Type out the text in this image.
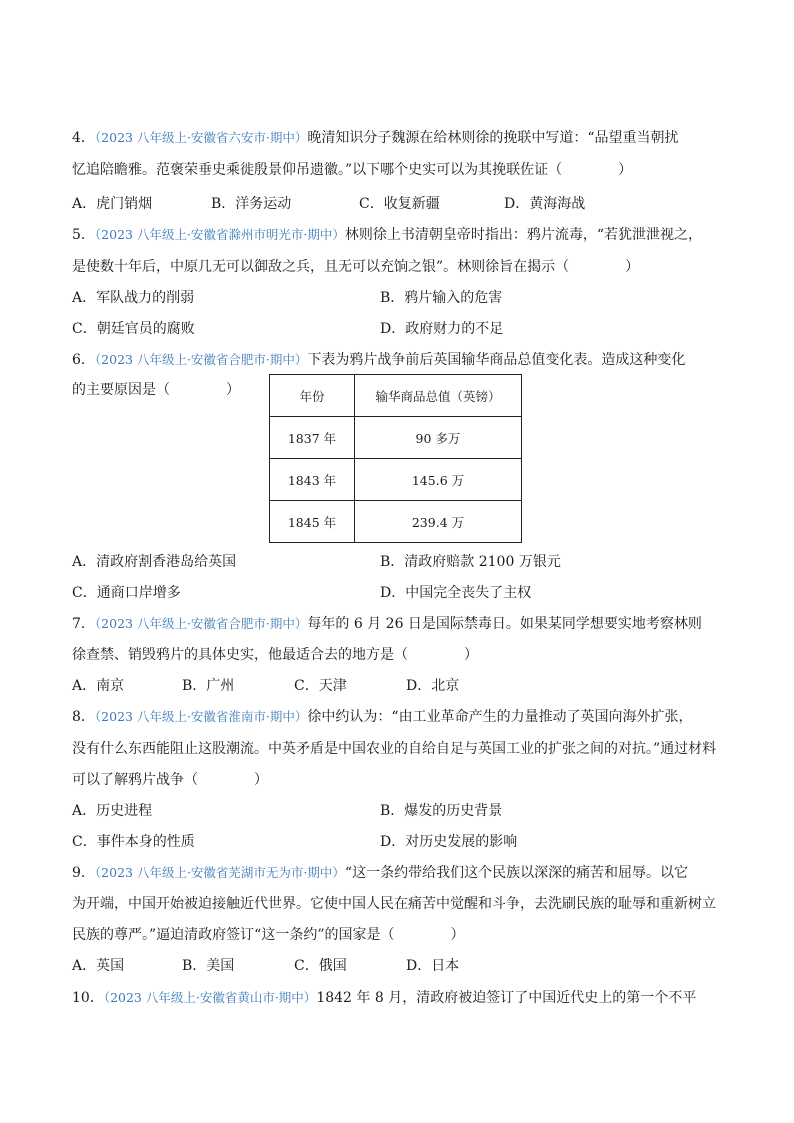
4．（2023 八年级上·安徽省六安市·期中）晚清知识分子魏源在给林则徐的挽联中写道：“品望重当朝扰
忆追陪瞻雅。范褒荣垂史乘徙殷景仰吊遗徽。”以下哪个史实可以为其挽联佐证（　　　　）
A．虎门销烟	B．洋务运动	C．收复新疆	D．黄海海战
5．（2023 八年级上·安徽省滁州市明光市·期中）林则徐上书清朝皇帝时指出：鸦片流毒，“若犹泄泄视之，
是使数十年后，中原几无可以御敌之兵，且无可以充饷之银”。林则徐旨在揭示（　　　　）
A．军队战力的削弱	B．鸦片输入的危害
C．朝廷官员的腐败	D．政府财力的不足
6．（2023 八年级上·安徽省合肥市·期中）下表为鸦片战争前后英国输华商品总值变化表。造成这种变化
的主要原因是（　　　　）	年份	输华商品总值（英镑）
1837 年	90 多万
1843 年	145.6 万
1845 年	239.4 万
A．清政府割香港岛给英国	B．清政府赔款 2100 万银元
C．通商口岸增多	D．中国完全丧失了主权
7．（2023 八年级上·安徽省合肥市·期中）每年的 6 月 26 日是国际禁毒日。如果某同学想要实地考察林则
徐查禁、销毁鸦片的具体史实，他最适合去的地方是（　　　　）
A．南京	B．广州	C．天津	D．北京
8．（2023 八年级上·安徽省淮南市·期中）徐中约认为：“由工业革命产生的力量推动了英国向海外扩张，
没有什么东西能阻止这股潮流。中英矛盾是中国农业的自给自足与英国工业的扩张之间的对抗。”通过材料
可以了解鸦片战争（　　　　）
A．历史进程	B．爆发的历史背景
C．事件本身的性质	D．对历史发展的影响
9．（2023 八年级上·安徽省芜湖市无为市·期中）“这一条约带给我们这个民族以深深的痛苦和屈辱。以它
为开端，中国开始被迫接触近代世界。它使中国人民在痛苦中觉醒和斗争，去洗刷民族的耻辱和重新树立
民族的尊严。”逼迫清政府签订“这一条约”的国家是（　　　　）
A．英国	B．美国	C．俄国	D．日本
10．（2023 八年级上·安徽省黄山市·期中）1842 年 8 月，清政府被迫签订了中国近代史上的第一个不平
